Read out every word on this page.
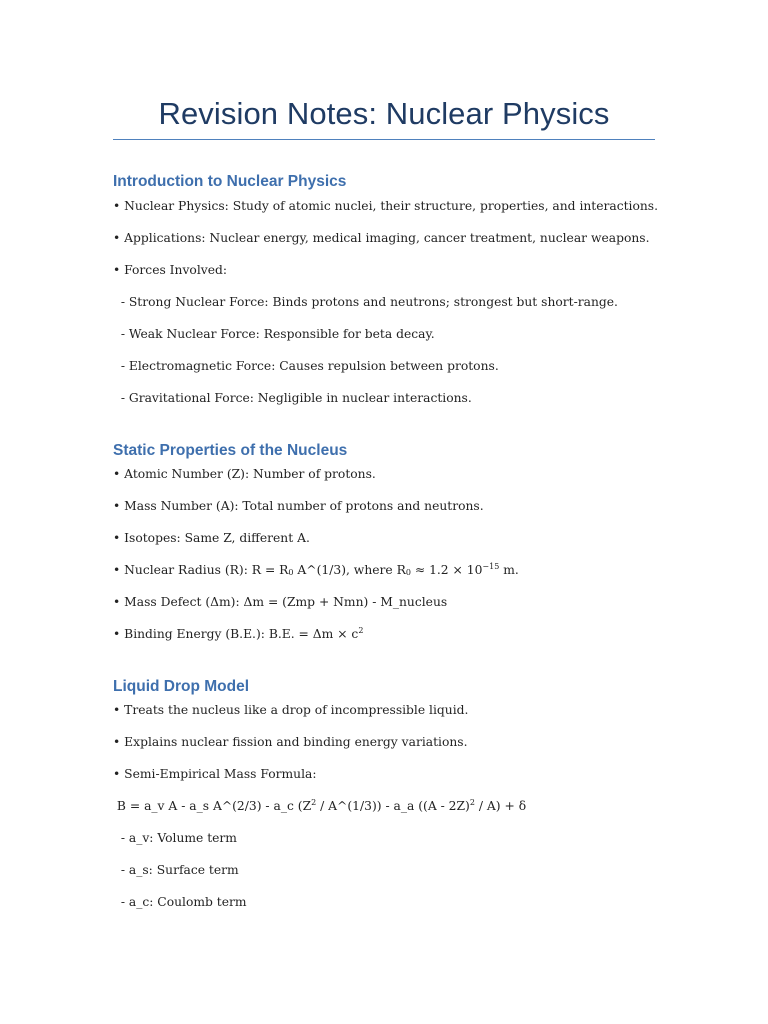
Revision Notes: Nuclear Physics
Introduction to Nuclear Physics
• Nuclear Physics: Study of atomic nuclei, their structure, properties, and interactions.
• Applications: Nuclear energy, medical imaging, cancer treatment, nuclear weapons.
• Forces Involved:
- Strong Nuclear Force: Binds protons and neutrons; strongest but short-range.
- Weak Nuclear Force: Responsible for beta decay.
- Electromagnetic Force: Causes repulsion between protons.
- Gravitational Force: Negligible in nuclear interactions.
Static Properties of the Nucleus
• Atomic Number (Z): Number of protons.
• Mass Number (A): Total number of protons and neutrons.
• Isotopes: Same Z, different A.
• Nuclear Radius (R): $R = R_0$ A^(1/3), where $R_0 \approx 1.2 \times 10^{-15}$ m.
• Mass Defect (Δm): Δm = (Zmp + Nmn) - M_nucleus
• Binding Energy (B.E.): B.E. = $\Delta m \times c^2$
Liquid Drop Model
• Treats the nucleus like a drop of incompressible liquid.
• Explains nuclear fission and binding energy variations.
• Semi-Empirical Mass Formula:
B = a_v A - a_s A^(2/3) - a_c ($Z^2$ / A^(1/3)) - a_a ((A - 2Z)$^2$ / A) + δ
- a_v: Volume term
- a_s: Surface term
- a_c: Coulomb term
